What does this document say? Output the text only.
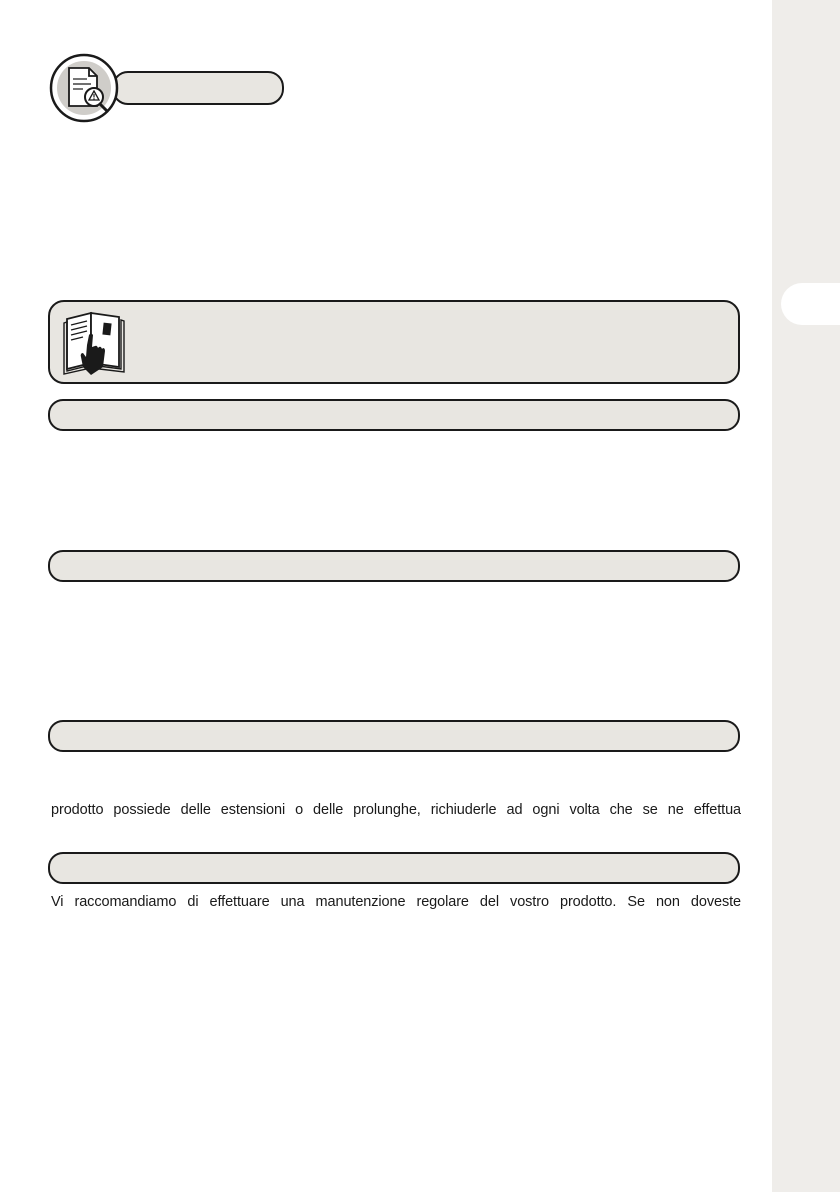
prodotto possiede delle estensioni o delle prolunghe, richiuderle ad ogni volta che se ne effettua
Vi raccomandiamo di effettuare una manutenzione regolare del vostro prodotto. Se non doveste
